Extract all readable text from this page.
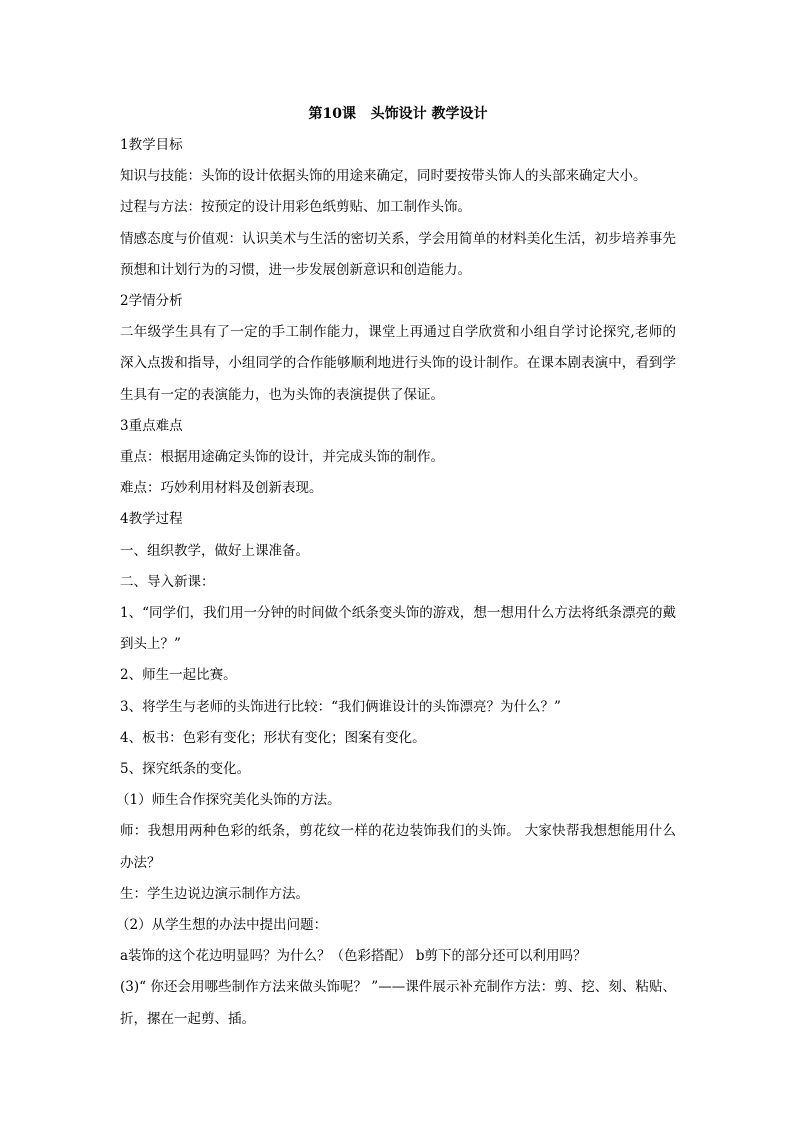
第10课   头饰设计 教学设计

1教学目标

知识与技能：头饰的设计依据头饰的用途来确定，同时要按带头饰人的头部来确定大小。

过程与方法：按预定的设计用彩色纸剪贴、加工制作头饰。

情感态度与价值观：认识美术与生活的密切关系，学会用简单的材料美化生活，初步培养事先预想和计划行为的习惯，进一步发展创新意识和创造能力。

2学情分析

二年级学生具有了一定的手工制作能力，课堂上再通过自学欣赏和小组自学讨论探究,老师的深入点拨和指导，小组同学的合作能够顺利地进行头饰的设计制作。在课本剧表演中，看到学生具有一定的表演能力，也为头饰的表演提供了保证。

3重点难点

重点：根据用途确定头饰的设计，并完成头饰的制作。

难点：巧妙利用材料及创新表现。

4教学过程

一、组织教学，做好上课准备。

二、导入新课：

1、“同学们，我们用一分钟的时间做个纸条变头饰的游戏，想一想用什么方法将纸条漂亮的戴到头上？”

2、师生一起比赛。

3、将学生与老师的头饰进行比较：“我们俩谁设计的头饰漂亮？为什么？”

4、板书：色彩有变化；形状有变化；图案有变化。

5、探究纸条的变化。

（1）师生合作探究美化头饰的方法。

师：我想用两种色彩的纸条，剪花纹一样的花边装饰我们的头饰。 大家快帮我想想能用什么办法？

生：学生边说边演示制作方法。

（2）从学生想的办法中提出问题：

a装饰的这个花边明显吗？为什么？（色彩搭配） b剪下的部分还可以利用吗？

(3)“ 你还会用哪些制作方法来做头饰呢？ ”——课件展示补充制作方法：剪、挖、刻、粘贴、折，摞在一起剪、插。
